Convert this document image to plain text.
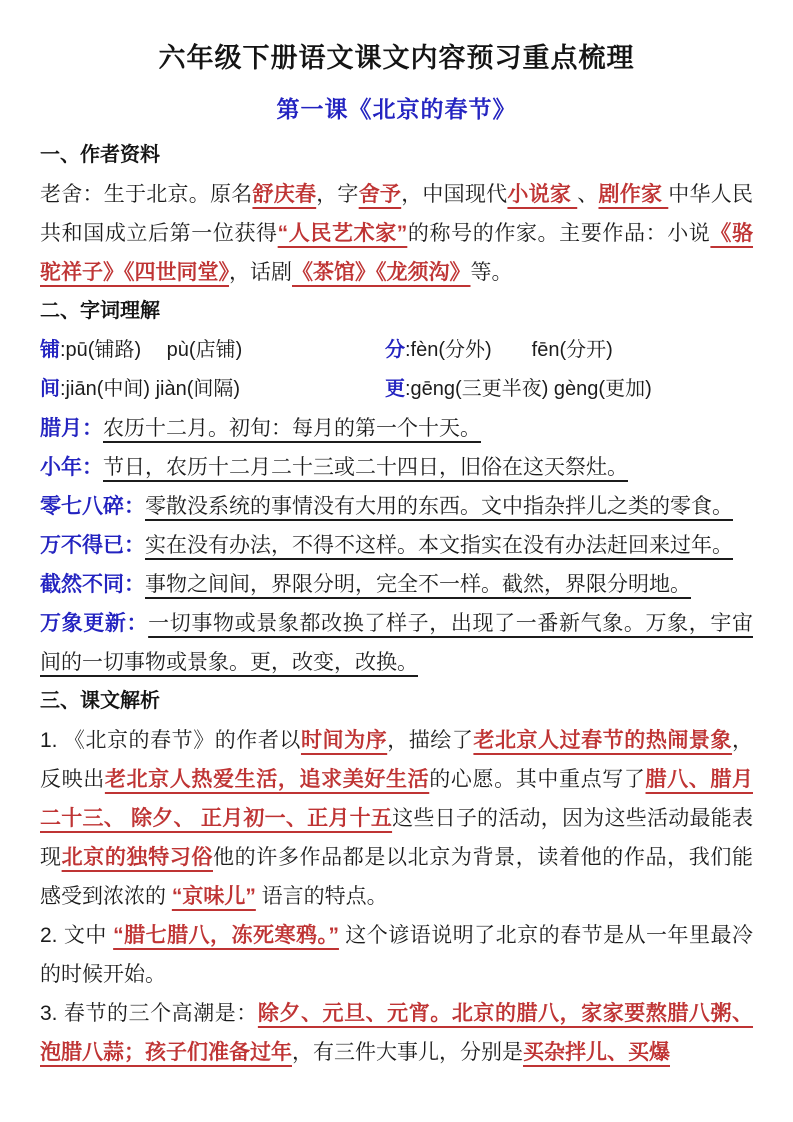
六年级下册语文课文内容预习重点梳理
第一课《北京的春节》
一、作者资料

老舍：生于北京。原名舒庆春，字舍予，中国现代小说家 、剧作家 中华人民共和国成立后第一位获得“人民艺术家”的称号的作家。主要作品：小说《骆驼祥子》《四世同堂》，话剧《茶馆》《龙须沟》等。

二、字词理解
铺:pū(铺路)　 pù(店铺)	分:fèn(分外)　　fēn(分开)
间:jiān(中间) jiàn(间隔)	更:gēng(三更半夜) gèng(更加)

腊月：农历十二月。初旬：每月的第一个十天。

小年：节日，农历十二月二十三或二十四日，旧俗在这天祭灶。

零七八碎：零散没系统的事情没有大用的东西。文中指杂拌儿之类的零食。

万不得已：实在没有办法，不得不这样。本文指实在没有办法赶回来过年。

截然不同：事物之间间，界限分明，完全不一样。截然，界限分明地。

万象更新：一切事物或景象都改换了样子，出现了一番新气象。万象，宇宙间的一切事物或景象。更，改变，改换。

三、课文解析

1. 《北京的春节》的作者以时间为序，描绘了老北京人过春节的热闹景象，反映出老北京人热爱生活，追求美好生活的心愿。其中重点写了腊八、腊月二十三、 除夕、 正月初一、正月十五这些日子的活动，因为这些活动最能表现北京的独特习俗他的许多作品都是以北京为背景，读着他的作品，我们能感受到浓浓的 “京味儿” 语言的特点。

2. 文中 “腊七腊八，冻死寒鸦。” 这个谚语说明了北京的春节是从一年里最冷的时候开始。

3. 春节的三个高潮是：除夕、元旦、元宵。北京的腊八，家家要熬腊八粥、泡腊八蒜；孩子们准备过年，有三件大事儿，分别是买杂拌儿、买爆
